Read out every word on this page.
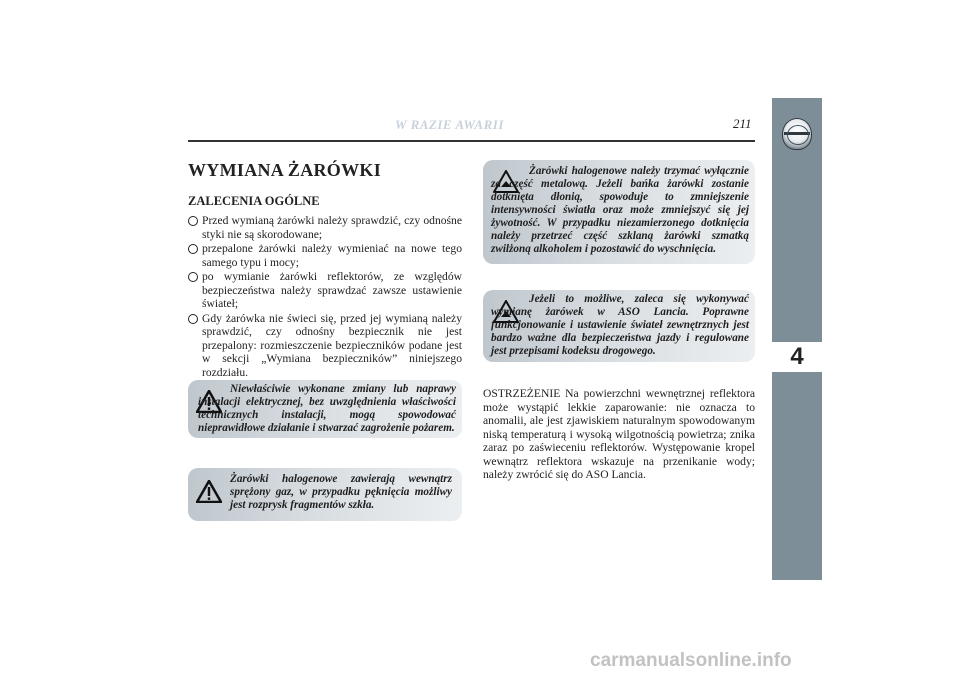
W RAZIE AWARII	211
4
WYMIANA ŻARÓWKI
ZALECENIA OGÓLNE
Przed wymianą żarówki należy sprawdzić, czy odnośne styki nie są skorodowane;
przepalone żarówki należy wymieniać na nowe tego samego typu i mocy;
po wymianie żarówki reflektorów, ze względów bezpieczeństwa należy sprawdzać zawsze ustawienie świateł;
Gdy żarówka nie świeci się, przed jej wymianą należy sprawdzić, czy odnośny bezpiecznik nie jest przepalony: rozmieszczenie bezpieczników podane jest w sekcji „Wymiana bezpieczników” niniejszego rozdziału.
Niewłaściwie wykonane zmiany lub naprawy instalacji elektrycznej, bez uwzględnienia właściwości technicznych instalacji, mogą spowodować nieprawidłowe działanie i stwarzać zagrożenie pożarem.
Żarówki halogenowe zawierają wewnątrz sprężony gaz, w przypadku pęknięcia możliwy jest rozprysk fragmentów szkła.
Żarówki halogenowe należy trzymać wyłącznie za część metalową. Jeżeli bańka żarówki zostanie dotknięta dłonią, spowoduje to zmniejszenie intensywności światła oraz może zmniejszyć się jej żywotność. W przypadku niezamierzonego dotknięcia należy przetrzeć część szklaną żarówki szmatką zwilżoną alkoholem i pozostawić do wyschnięcia.
Jeżeli to możliwe, zaleca się wykonywać wymianę żarówek w ASO Lancia. Poprawne funkcjonowanie i ustawienie świateł zewnętrznych jest bardzo ważne dla bezpieczeństwa jazdy i regulowane jest przepisami kodeksu drogowego.

OSTRZEŻENIE Na powierzchni wewnętrznej reflektora może wystąpić lekkie zaparowanie: nie oznacza to anomalii, ale jest zjawiskiem naturalnym spowodowanym niską temperaturą i wysoką wilgotnością powietrza; znika zaraz po zaświeceniu reflektorów. Występowanie kropel wewnątrz reflektora wskazuje na przenikanie wody; należy zwrócić się do ASO Lancia.

carmanualsonline.info
